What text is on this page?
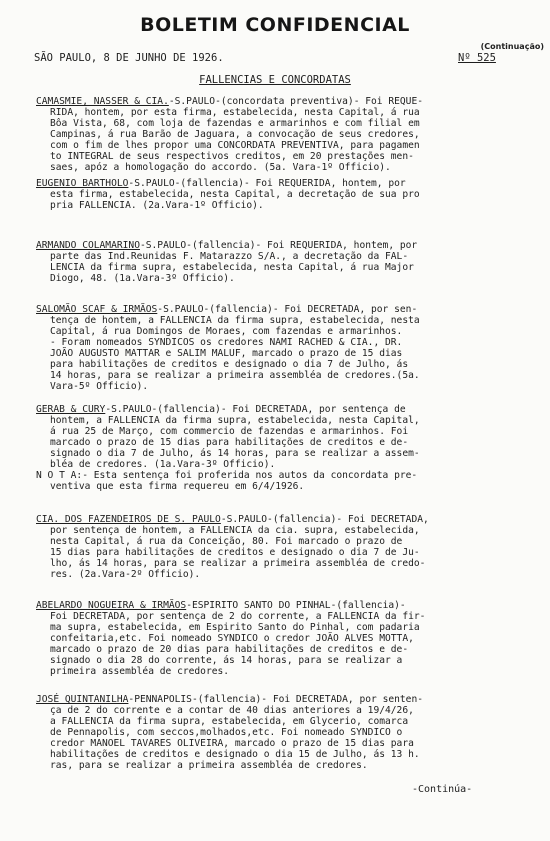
BOLETIM CONFIDENCIAL
(Continuação)
SÃO PAULO, 8 DE JUNHO DE 1926.	Nº 525
FALLENCIAS E CONCORDATAS
CAMASMIE, NASSER & CIA.-S.PAULO-(concordata preventiva)- Foi REQUE-
RIDA, hontem, por esta firma, estabelecida, nesta Capital, á rua
Bôa Vista, 68, com loja de fazendas e armarinhos e com filial em
Campinas, á rua Barão de Jaguara, a convocação de seus credores,
com o fim de lhes propor uma CONCORDATA PREVENTIVA, para pagamen
to INTEGRAL de seus respectivos creditos, em 20 prestações men-
saes, apóz a homologação do accordo. (5a. Vara-1º Officio).
EUGENIO BARTHOLO-S.PAULO-(fallencia)- Foi REQUERIDA, hontem, por
esta firma, estabelecida, nesta Capital, a decretação de sua pro
pria FALLENCIA. (2a.Vara-1º Officio).
ARMANDO COLAMARINO-S.PAULO-(fallencia)- Foi REQUERIDA, hontem, por
parte das Ind.Reunidas F. Matarazzo S/A., a decretação da FAL-
LENCIA da firma supra, estabelecida, nesta Capital, á rua Major
Diogo, 48. (1a.Vara-3º Officio).
SALOMÃO SCAF & IRMÃOS-S.PAULO-(fallencia)- Foi DECRETADA, por sen-
tença de hontem, a FALLENCIA da firma supra, estabelecida, nesta
Capital, á rua Domingos de Moraes, com fazendas e armarinhos.
- Foram nomeados SYNDICOS os credores NAMI RACHED & CIA., DR.
JOÃO AUGUSTO MATTAR e SALIM MALUF, marcado o prazo de 15 dias
para habilitações de creditos e designado o dia 7 de Julho, ás
14 horas, para se realizar a primeira assembléa de credores.(5a.
Vara-5º Officio).
GERAB & CURY-S.PAULO-(fallencia)- Foi DECRETADA, por sentença de
hontem, a FALLENCIA da firma supra, estabelecida, nesta Capital,
á rua 25 de Março, com commercio de fazendas e armarinhos. Foi
marcado o prazo de 15 dias para habilitações de creditos e de-
signado o dia 7 de Julho, ás 14 horas, para se realizar a assem-
bléa de credores. (1a.Vara-3º Officio).
N O T A:- Esta sentença foi proferida nos autos da concordata pre-
ventiva que esta firma requereu em 6/4/1926.
CIA. DOS FAZENDEIROS DE S. PAULO-S.PAULO-(fallencia)- Foi DECRETADA,
por sentença de hontem, a FALLENCIA da cia. supra, estabelecida,
nesta Capital, á rua da Conceição, 80. Foi marcado o prazo de
15 dias para habilitações de creditos e designado o dia 7 de Ju-
lho, ás 14 horas, para se realizar a primeira assembléa de credo-
res. (2a.Vara-2º Officio).
ABELARDO NOGUEIRA & IRMÃOS-ESPIRITO SANTO DO PINHAL-(fallencia)-
Foi DECRETADA, por sentença de 2 do corrente, a FALLENCIA da fir-
ma supra, estabelecida, em Espirito Santo do Pinhal, com padaria
confeitaria,etc. Foi nomeado SYNDICO o credor JOÃO ALVES MOTTA,
marcado o prazo de 20 dias para habilitações de creditos e de-
signado o dia 28 do corrente, ás 14 horas, para se realizar a
primeira assembléa de credores.
JOSÉ QUINTANILHA-PENNAPOLIS-(fallencia)- Foi DECRETADA, por senten-
ça de 2 do corrente e a contar de 40 dias anteriores a 19/4/26,
a FALLENCIA da firma supra, estabelecida, em Glycerio, comarca
de Pennapolis, com seccos,molhados,etc. Foi nomeado SYNDICO o
credor MANOEL TAVARES OLIVEIRA, marcado o prazo de 15 dias para
habilitações de creditos e designado o dia 15 de Julho, ás 13 h.
ras, para se realizar a primeira assembléa de credores.
-Continúa-
